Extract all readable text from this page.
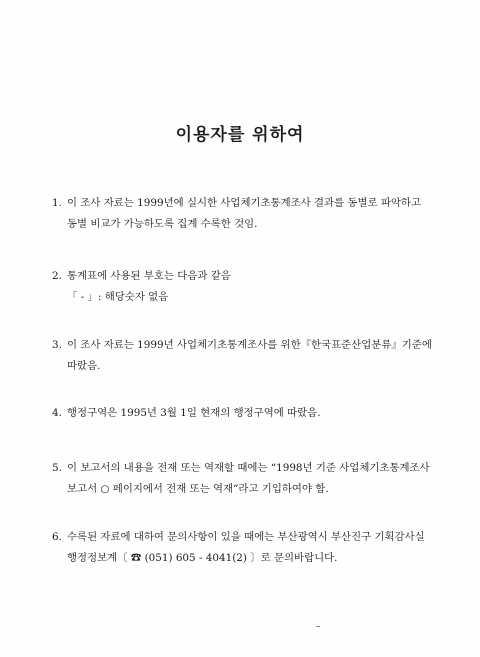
이용자를 위하여
1. 이 조사 자료는 1999년에 실시한 사업체기초통계조사 결과를 동별로 파악하고
동별 비교가 가능하도록 집계 수록한 것임.
2. 통계표에 사용된 부호는 다음과 같음
「 - 」: 해당숫자 없음
3. 이 조사 자료는 1999년 사업체기초통계조사를 위한『한국표준산업분류』기준에
따랐음.
4. 행정구역은 1995년 3월 1일 현재의 행정구역에 따랐음.
5. 이 보고서의 내용을 전재 또는 역재할 때에는 “1998년 기준 사업체기초통계조사
보고서 ○ 페이지에서 전재 또는 역재”라고 기입하여야 함.
6. 수록된 자료에 대하여 문의사항이 있을 때에는 부산광역시 부산진구 기획감사실
행정정보계〔 ☎ (051) 605 - 4041(2) 〕로 문의바랍니다.
